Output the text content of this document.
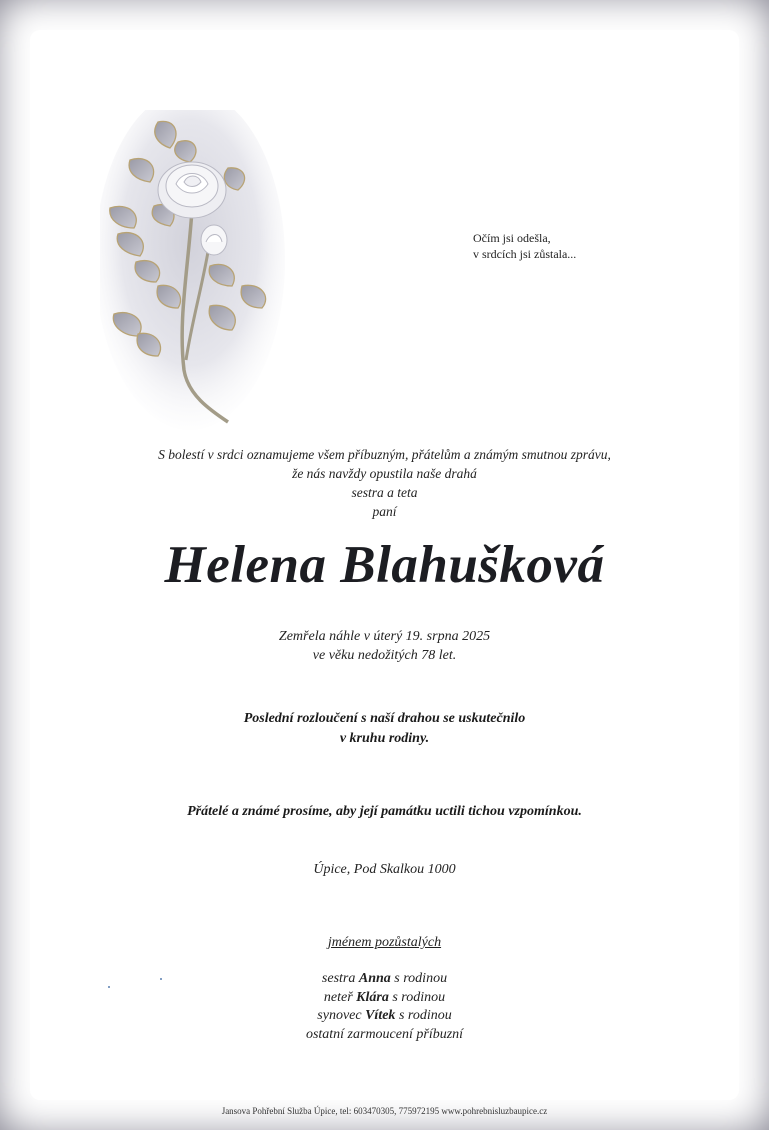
Očím jsi odešla,
v srdcích jsi zůstala...
S bolestí v srdci oznamujeme všem příbuzným, přátelům a známým smutnou zprávu,
že nás navždy opustila naše drahá
sestra a teta
paní
Helena Blahušková
Zemřela náhle v úterý 19. srpna 2025
ve věku nedožitých 78 let.
Poslední rozloučení s naší drahou se uskutečnilo
v kruhu rodiny.
Přátelé a známé prosíme, aby její památku uctili tichou vzpomínkou.
Úpice, Pod Skalkou 1000
jménem pozůstalých
sestra Anna s rodinou
neteř Klára s rodinou
synovec Vítek s rodinou
ostatní zarmoucení příbuzní
Jansova Pohřební Služba Úpice, tel: 603470305, 775972195 www.pohrebnisluzbaupice.cz
